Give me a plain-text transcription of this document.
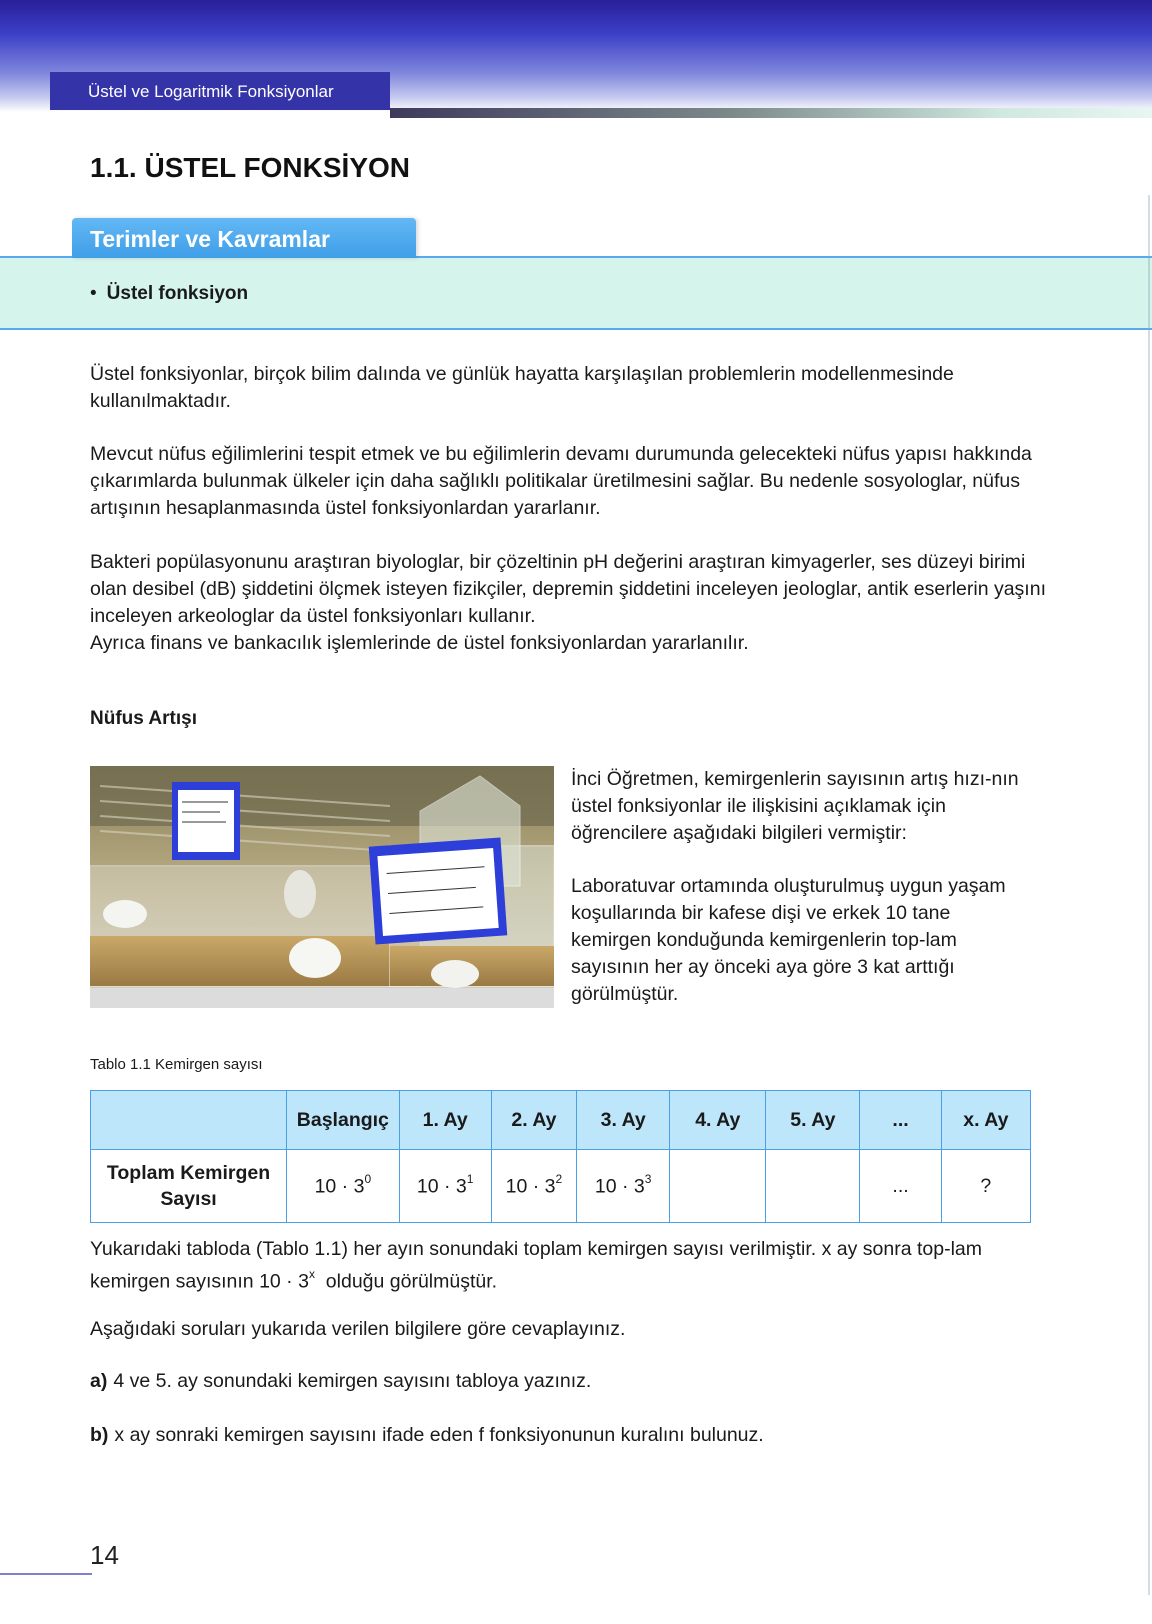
Üstel ve Logaritmik Fonksiyonlar
1.1. ÜSTEL FONKSİYON
Terimler ve Kavramlar
• Üstel fonksiyon
Üstel fonksiyonlar, birçok bilim dalında ve günlük hayatta karşılaşılan problemlerin modellenmesinde kullanılmaktadır.
Mevcut nüfus eğilimlerini tespit etmek ve bu eğilimlerin devamı durumunda gelecekteki nüfus yapısı hakkında çıkarımlarda bulunmak ülkeler için daha sağlıklı politikalar üretilmesini sağlar. Bu nedenle sosyologlar, nüfus artışının hesaplanmasında üstel fonksiyonlardan yararlanır.
Bakteri popülasyonunu araştıran biyologlar, bir çözeltinin pH değerini araştıran kimyagerler, ses düzeyi birimi olan desibel (dB) şiddetini ölçmek isteyen fizikçiler, depremin şiddetini inceleyen jeologlar, antik eserlerin yaşını inceleyen arkeologlar da üstel fonksiyonları kullanır.
Ayrıca finans ve bankacılık işlemlerinde de üstel fonksiyonlardan yararlanılır.
Nüfus Artışı
İnci Öğretmen, kemirgenlerin sayısının artış hızı-nın üstel fonksiyonlar ile ilişkisini açıklamak için öğrencilere aşağıdaki bilgileri vermiştir:
Laboratuvar ortamında oluşturulmuş uygun yaşam koşullarında bir kafese dişi ve erkek 10 tane kemirgen konduğunda kemirgenlerin top-lam sayısının her ay önceki aya göre 3 kat arttığı görülmüştür.
Tablo 1.1 Kemirgen sayısı
	Başlangıç	1. Ay	2. Ay	3. Ay	4. Ay	5. Ay	...	x. Ay
Toplam Kemirgen Sayısı	$10 \cdot 3^0$	$10 \cdot 3^1$	$10 \cdot 3^2$	$10 \cdot 3^3$			...	?
Yukarıdaki tabloda (Tablo 1.1) her ayın sonundaki toplam kemirgen sayısı verilmiştir. x ay sonra top-lam kemirgen sayısının $10 \cdot 3^x$ olduğu görülmüştür.
Aşağıdaki soruları yukarıda verilen bilgilere göre cevaplayınız.
a) 4 ve 5. ay sonundaki kemirgen sayısını tabloya yazınız.
b) x ay sonraki kemirgen sayısını ifade eden f fonksiyonunun kuralını bulunuz.
14
